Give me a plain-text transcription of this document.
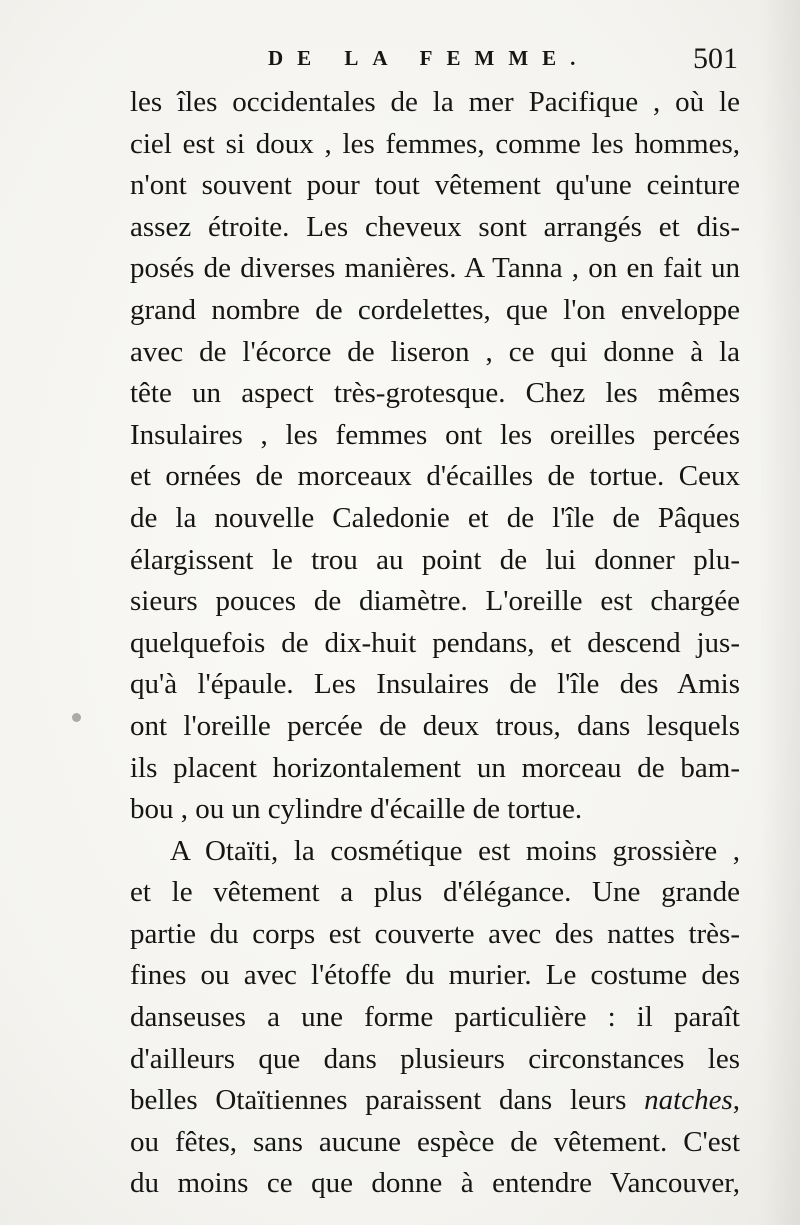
DE LA FEMME.	501
les îles occidentales de la mer Pacifique , où le
ciel est si doux , les femmes, comme les hommes,
n'ont souvent pour tout vêtement qu'une ceinture
assez étroite. Les cheveux sont arrangés et dis-
posés de diverses manières. A Tanna , on en fait un
grand nombre de cordelettes, que l'on enveloppe
avec de l'écorce de liseron , ce qui donne à la
tête un aspect très-grotesque. Chez les mêmes
Insulaires , les femmes ont les oreilles percées
et ornées de morceaux d'écailles de tortue. Ceux
de la nouvelle Caledonie et de l'île de Pâques
élargissent le trou au point de lui donner plu-
sieurs pouces de diamètre. L'oreille est chargée
quelquefois de dix-huit pendans, et descend jus-
qu'à l'épaule. Les Insulaires de l'île des Amis
ont l'oreille percée de deux trous, dans lesquels
ils placent horizontalement un morceau de bam-
bou , ou un cylindre d'écaille de tortue.
A Otaïti, la cosmétique est moins grossière ,
et le vêtement a plus d'élégance. Une grande
partie du corps est couverte avec des nattes très-
fines ou avec l'étoffe du murier. Le costume des
danseuses a une forme particulière : il paraît
d'ailleurs que dans plusieurs circonstances les
belles Otaïtiennes paraissent dans leurs natches,
ou fêtes, sans aucune espèce de vêtement. C'est
du moins ce que donne à entendre Vancouver,
